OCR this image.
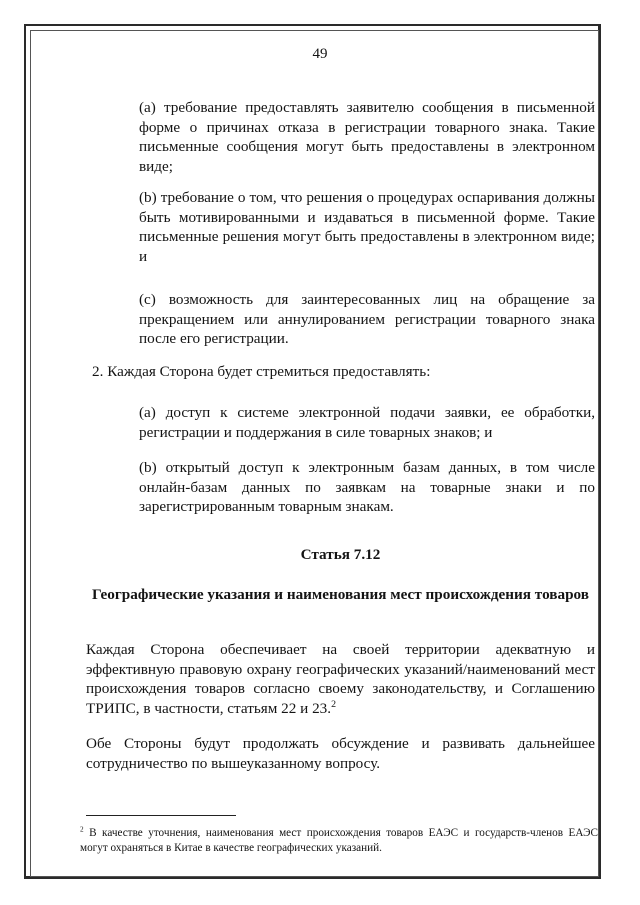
49
(a) требование предоставлять заявителю сообщения в письменной форме о причинах отказа в регистрации товарного знака. Такие письменные сообщения могут быть предоставлены в электронном виде;
(b) требование о том, что решения о процедурах оспаривания должны быть мотивированными и издаваться в письменной форме. Такие письменные решения могут быть предоставлены в электронном виде; и
(с) возможность для заинтересованных лиц на обращение за прекращением или аннулированием регистрации товарного знака после его регистрации.
2. Каждая Сторона будет стремиться предоставлять:
(а) доступ к системе электронной подачи заявки, ее обработки, регистрации и поддержания в силе товарных знаков; и
(b) открытый доступ к электронным базам данных, в том числе онлайн-базам данных по заявкам на товарные знаки и по зарегистрированным товарным знакам.
Статья 7.12
Географические указания и наименования мест происхождения товаров
Каждая Сторона обеспечивает на своей территории адекватную и эффективную правовую охрану географических указаний/наименований мест происхождения товаров согласно своему законодательству, и Соглашению ТРИПС, в частности, статьям 22 и 23.$^2$
Обе Стороны будут продолжать обсуждение и развивать дальнейшее сотрудничество по вышеуказанному вопросу.
$^2$ В качестве уточнения, наименования мест происхождения товаров ЕАЭС и государств-членов ЕАЭС могут охраняться в Китае в качестве географических указаний.
